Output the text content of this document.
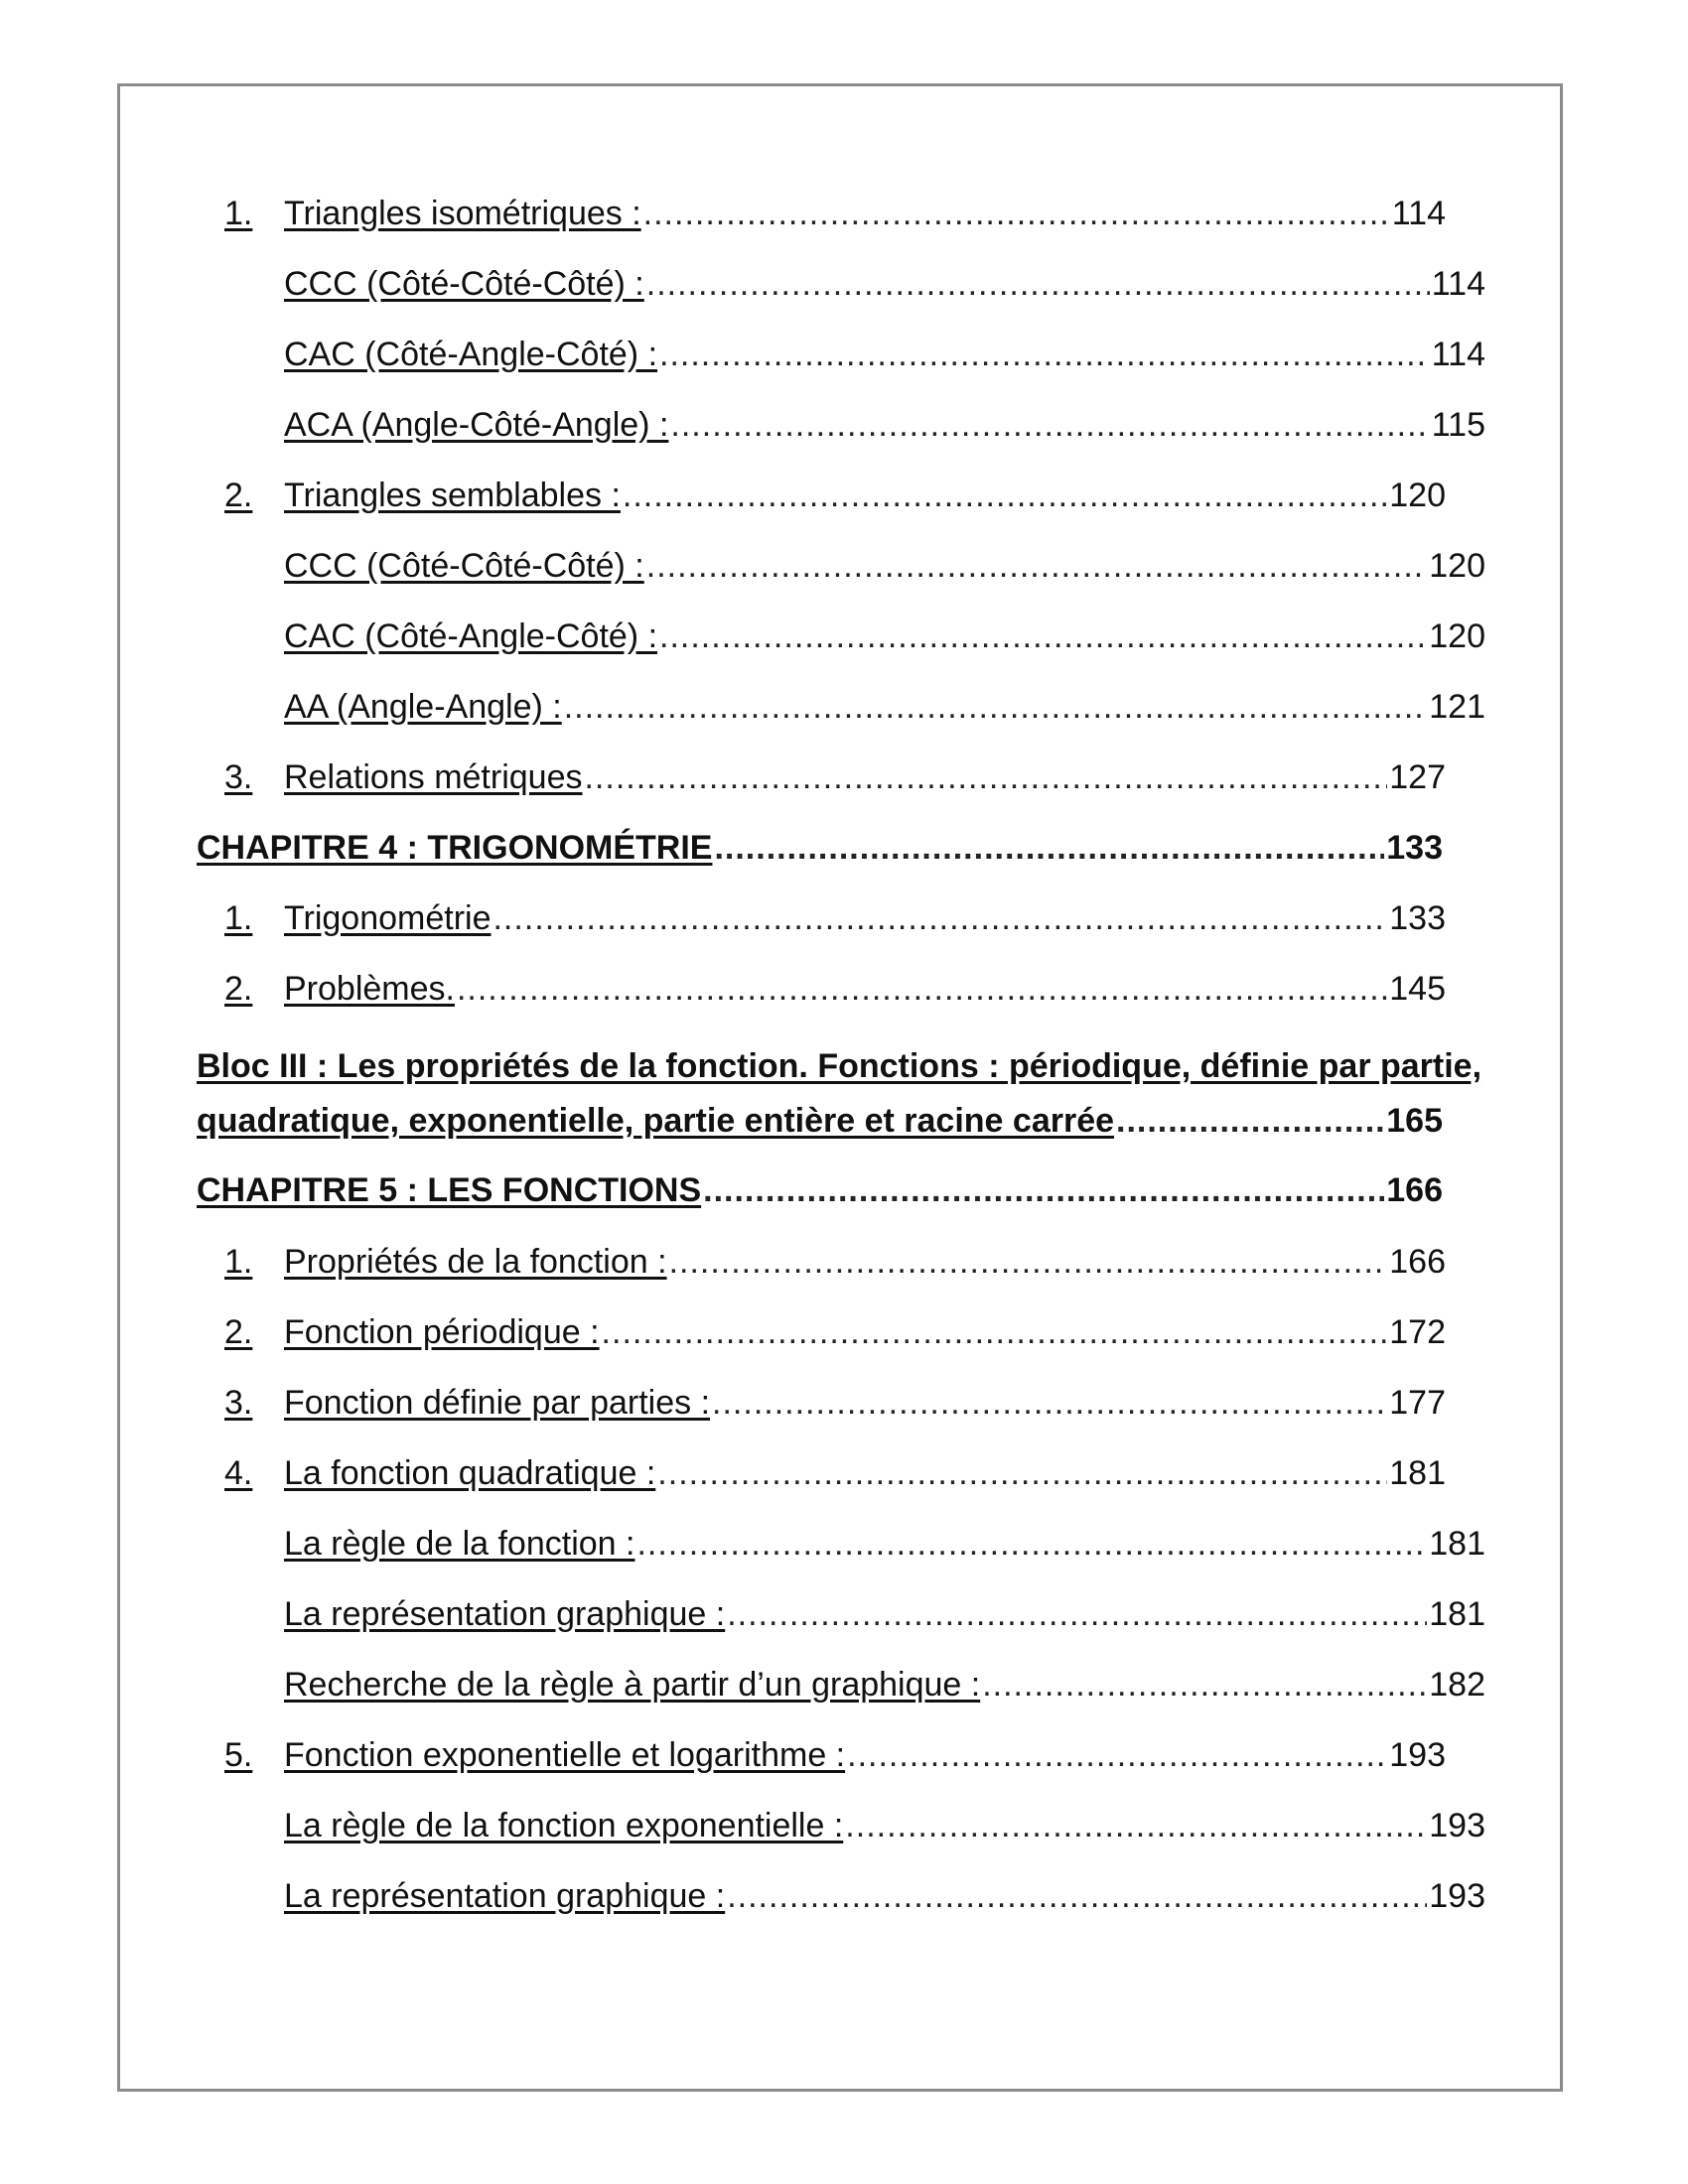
1. Triangles isométriques : .....	114
CCC (Côté-Côté-Côté) : .....	114
CAC (Côté-Angle-Côté) : .....	114
ACA (Angle-Côté-Angle) : .....	115
2. Triangles semblables : .....	120
CCC (Côté-Côté-Côté) : .....	120
CAC (Côté-Angle-Côté) : .....	120
AA (Angle-Angle) : .....	121
3. Relations métriques .....	127
CHAPITRE 4 : TRIGONOMÉTRIE .....	133
1. Trigonométrie .....	133
2. Problèmes. .....	145
Bloc III : Les propriétés de la fonction. Fonctions : périodique, définie par partie,
quadratique, exponentielle, partie entière et racine carrée .....	165
CHAPITRE 5 : LES FONCTIONS .....	166
1. Propriétés de la fonction : .....	166
2. Fonction périodique : .....	172
3. Fonction définie par parties : .....	177
4. La fonction quadratique : .....	181
La règle de la fonction : .....	181
La représentation graphique : .....	181
Recherche de la règle à partir d’un graphique : .....	182
5. Fonction exponentielle et logarithme : .....	193
La règle de la fonction exponentielle : .....	193
La représentation graphique : .....	193
